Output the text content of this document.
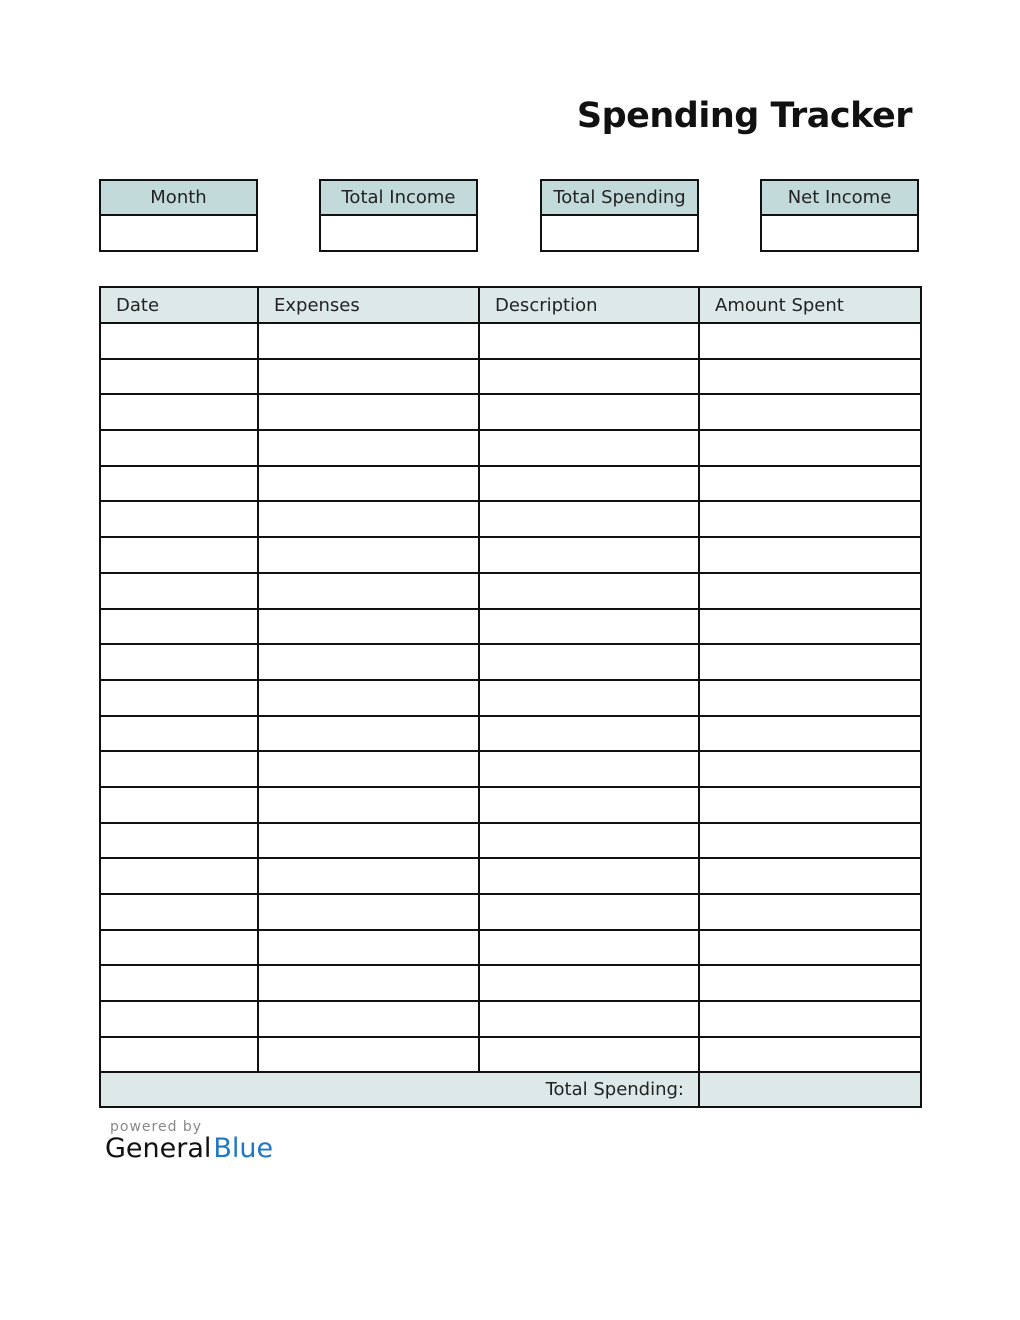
Spending Tracker
Month	Total Income	Total Spending	Net Income
Date	Expenses	Description	Amount Spent

Total Spending:			
powered by
GeneralBlue
